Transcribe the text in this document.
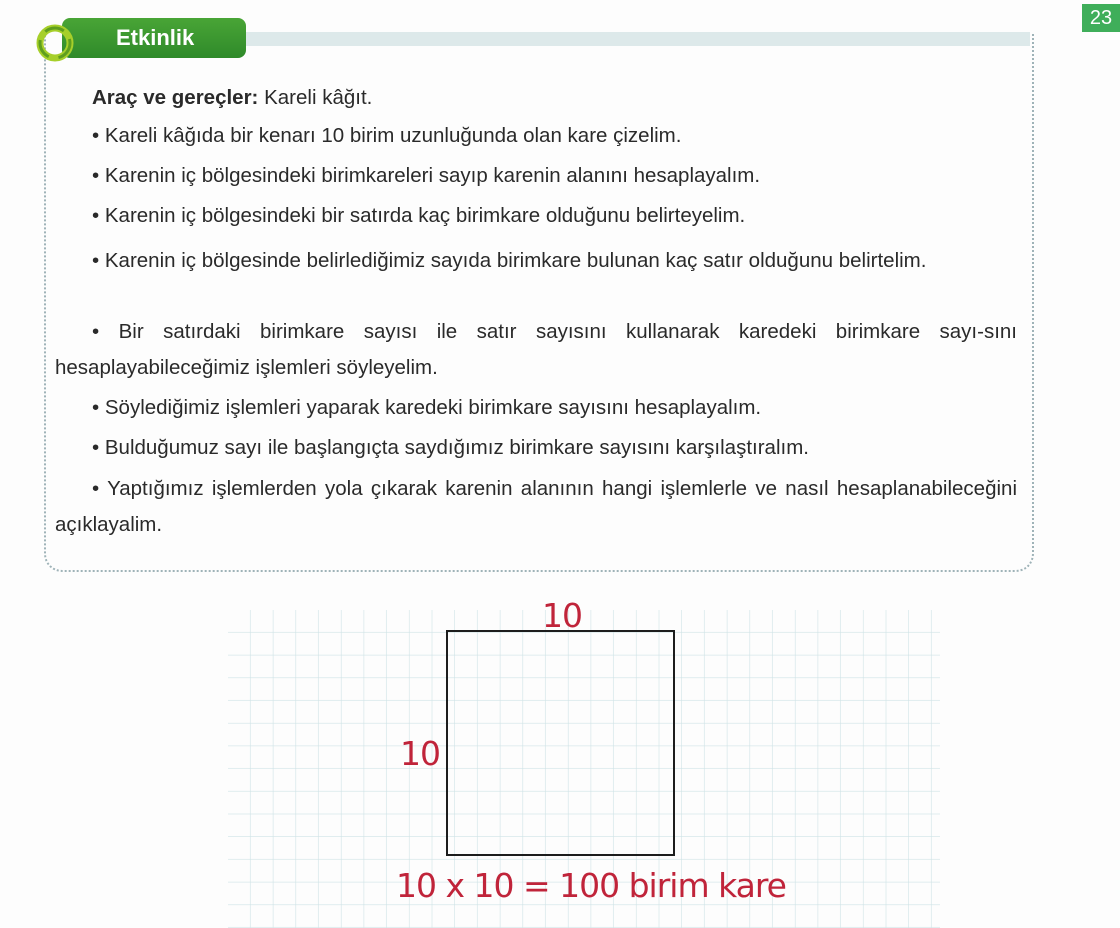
23
Etkinlik
Araç ve gereçler: Kareli kâğıt.
• Kareli kâğıda bir kenarı 10 birim uzunluğunda olan kare çizelim.
• Karenin iç bölgesindeki birimkareleri sayıp karenin alanını hesaplayalım.
• Karenin iç bölgesindeki bir satırda kaç birimkare olduğunu belirteyelim.
• Karenin iç bölgesinde belirlediğimiz sayıda birimkare bulunan kaç satır olduğunu belirtelim.
• Bir satırdaki birimkare sayısı ile satır sayısını kullanarak karedeki birimkare sayı-sını hesaplayabileceğimiz işlemleri söyleyelim.
• Söylediğimiz işlemleri yaparak karedeki birimkare sayısını hesaplayalım.
• Bulduğumuz sayı ile başlangıçta saydığımız birimkare sayısını karşılaştıralım.
• Yaptığımız işlemlerden yola çıkarak karenin alanının hangi işlemlerle ve nasıl hesaplanabileceğini açıklayalim.
10
10
10 x 10 = 100 birim kare
